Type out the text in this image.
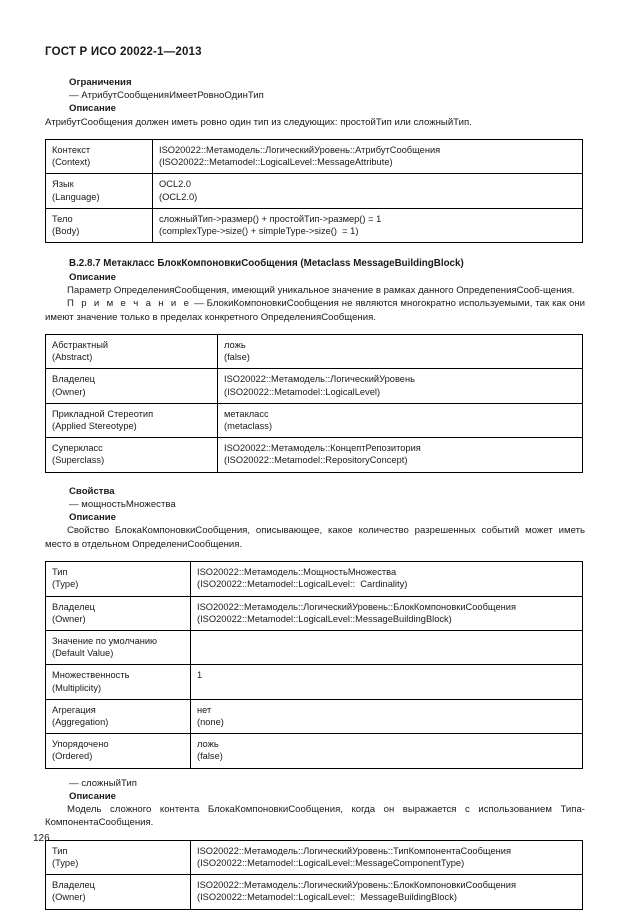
ГОСТ Р ИСО 20022-1—2013
Ограничения
— АтрибутСообщенияИмеетРовноОдинТип
Описание
АтрибутСообщения должен иметь ровно один тип из следующих: простойТип или сложныйТип.
Контекст
(Context)	ISO20022::Метамодель::ЛогическийУровень::АтрибутСообщения
(ISO20022::Metamodel::LogicalLevel::MessageAttribute)

Язык
(Language)	OCL2.0
(OCL2.0)

Тело
(Body)	сложныйТип->размер() + простойТип->размер() = 1
(complexType->size() + simpleType->size()  = 1)
В.2.8.7 Метакласс БлокКомпоновкиСообщения (Metaclass MessageBuildingBlock)
Описание
Параметр ОпределенияСообщения, имеющий уникальное значение в рамках данного ОпредепенияСооб-щения.
П р и м е ч а н и е — БлокиКомпоновкиСообщения не являются многократно используемыми, так как они имеют значение только в пределах конкретного ОпределенияСообщения.
Абстрактный
(Abstract)	ложь
(false)

Владелец
(Owner)	ISO20022::Метамодель::ЛогическийУровень
(ISO20022::Metamodel::LogicalLevel)

Прикладной Стереотип
(Applied Stereotype)	метакласс
(metaclass)

Суперкласс
(Superclass)	ISO20022::Метамодель::КонцептРепозитория
(ISO20022::Metamodel::RepositoryConcept)
Свойства
— мощностьМножества
Описание
Свойство БлокаКомпоновкиСообщения, описывающее, какое количество разрешенных событий может иметь место в отдельном ОпределениСообщения.
Тип
(Type)	ISO20022::Метамодель::МощностьМножества
(ISO20022::Metamodel::LogicalLevel::  Cardinality)

Владелец
(Owner)	ISO20022::Метамодель::ЛогическийУровень::БлокКомпоновкиСообщения
(ISO20022::Metamodel::LogicalLevel::MessageBuildingBlock)

Значение по умолчанию
(Default Value)	

Множественность
(Multiplicity)	1

Агрегация
(Aggregation)	нет
(none)

Упорядочено
(Ordered)	ложь
(false)
— сложныйТип
Описание
Модель сложного контента БлокаКомпоновкиСообщения, когда он выражается с использованием Типа-КомпонентаСообщения.
Тип
(Type)	ISO20022::Метамодель::ЛогическийУровень::ТипКомпонентаСообщения
(ISO20022::Metamodel::LogicalLevel::MessageComponentType)

Владелец
(Owner)	ISO20022::Метамодель::ЛогическийУровень::БлокКомпоновкиСообщения
(ISO20022::Metamodel::LogicalLevel::  MessageBuildingBlock)
126
